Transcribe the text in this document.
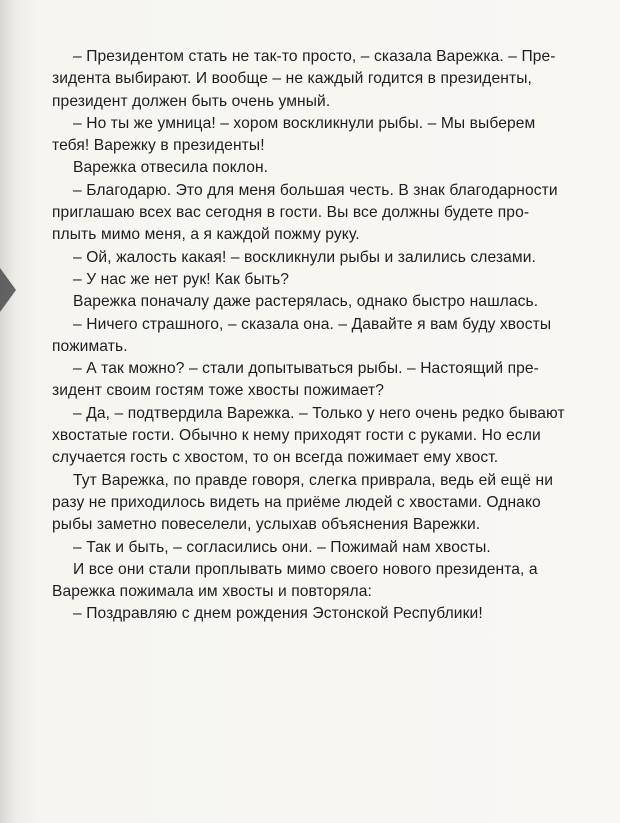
– Президентом стать не так-то просто, – сказала Варежка. – Пре-
зидента выбирают. И вообще – не каждый годится в президенты,
президент должен быть очень умный.
– Но ты же умница! – хором воскликнули рыбы. – Мы выберем
тебя! Варежку в президенты!
Варежка отвесила поклон.
– Благодарю. Это для меня большая честь. В знак благодарности
приглашаю всех вас сегодня в гости. Вы все должны будете про-
плыть мимо меня, а я каждой пожму руку.
– Ой, жалость какая! – воскликнули рыбы и залились слезами.
– У нас же нет рук! Как быть?
Варежка поначалу даже растерялась, однако быстро нашлась.
– Ничего страшного, – сказала она. – Давайте я вам буду хвосты
пожимать.
– А так можно? – стали допытываться рыбы. – Настоящий пре-
зидент своим гостям тоже хвосты пожимает?
– Да, – подтвердила Варежка. – Только у него очень редко бывают
хвостатые гости. Обычно к нему приходят гости с руками. Но если
случается гость с хвостом, то он всегда пожимает ему хвост.
Тут Варежка, по правде говоря, слегка приврала, ведь ей ещё ни
разу не приходилось видеть на приёме людей с хвостами. Однако
рыбы заметно повеселели, услыхав объяснения Варежки.
– Так и быть, – согласились они. – Пожимай нам хвосты.
И все они стали проплывать мимо своего нового президента, а
Варежка пожимала им хвосты и повторяла:
– Поздравляю с днем рождения Эстонской Республики!
